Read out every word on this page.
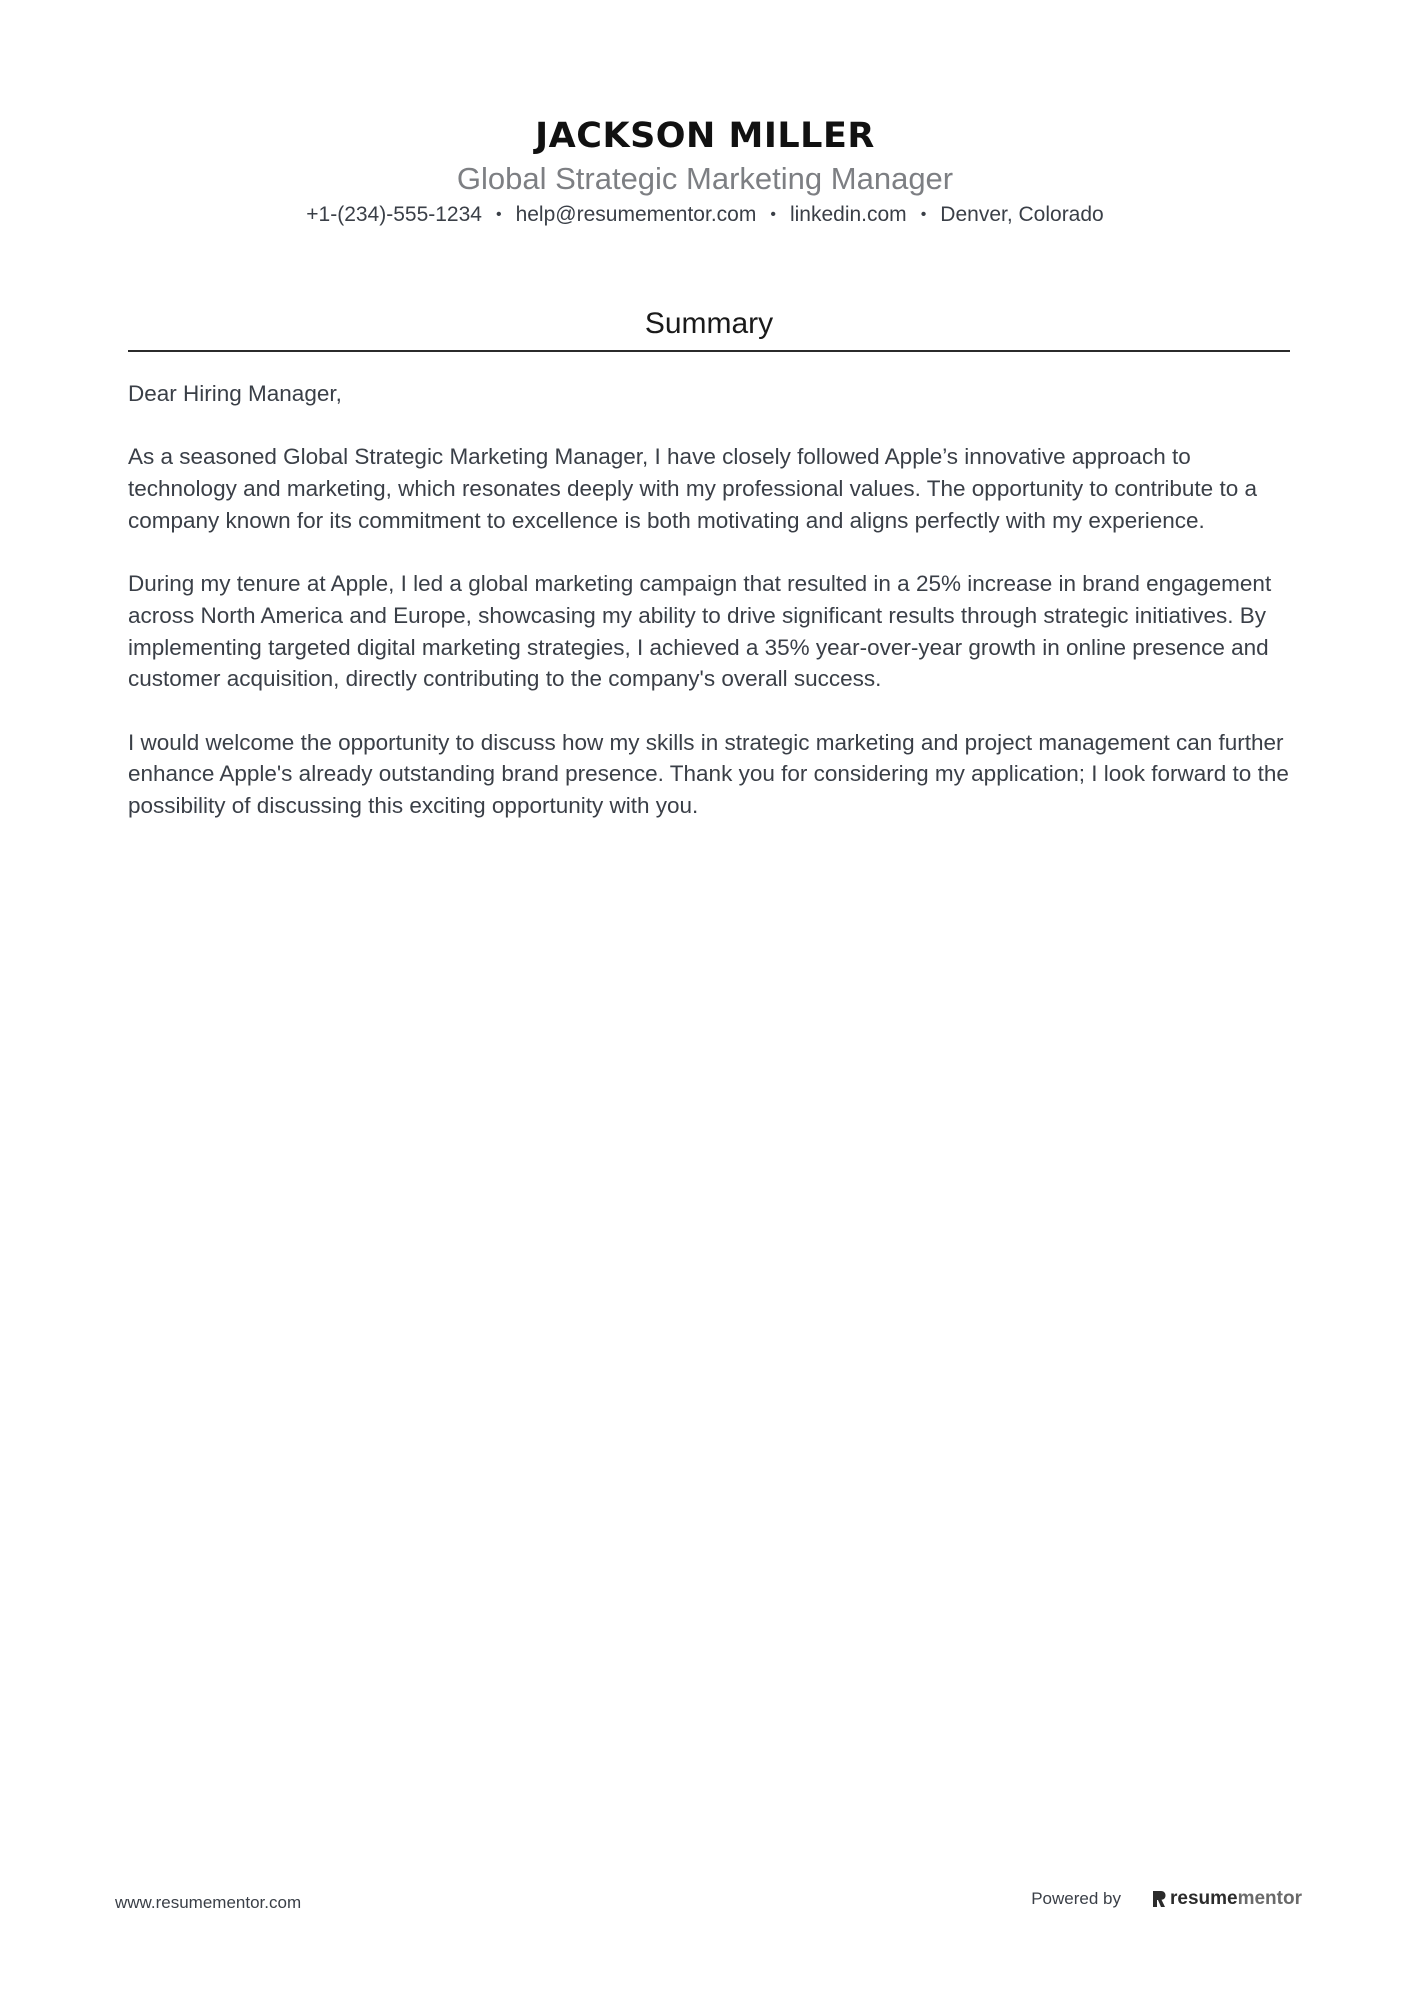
JACKSON MILLER
Global Strategic Marketing Manager
+1-(234)-555-1234 • help@resumementor.com • linkedin.com • Denver, Colorado
Summary

Dear Hiring Manager,

As a seasoned Global Strategic Marketing Manager, I have closely followed Apple’s innovative approach to technology and marketing, which resonates deeply with my professional values. The opportunity to contribute to a company known for its commitment to excellence is both motivating and aligns perfectly with my experience.

During my tenure at Apple, I led a global marketing campaign that resulted in a 25% increase in brand engagement across North America and Europe, showcasing my ability to drive significant results through strategic initiatives. By implementing targeted digital marketing strategies, I achieved a 35% year-over-year growth in online presence and customer acquisition, directly contributing to the company's overall success.

I would welcome the opportunity to discuss how my skills in strategic marketing and project management can further enhance Apple's already outstanding brand presence. Thank you for considering my application; I look forward to the possibility of discussing this exciting opportunity with you.

www.resumementor.com	Powered by	resume mentor
